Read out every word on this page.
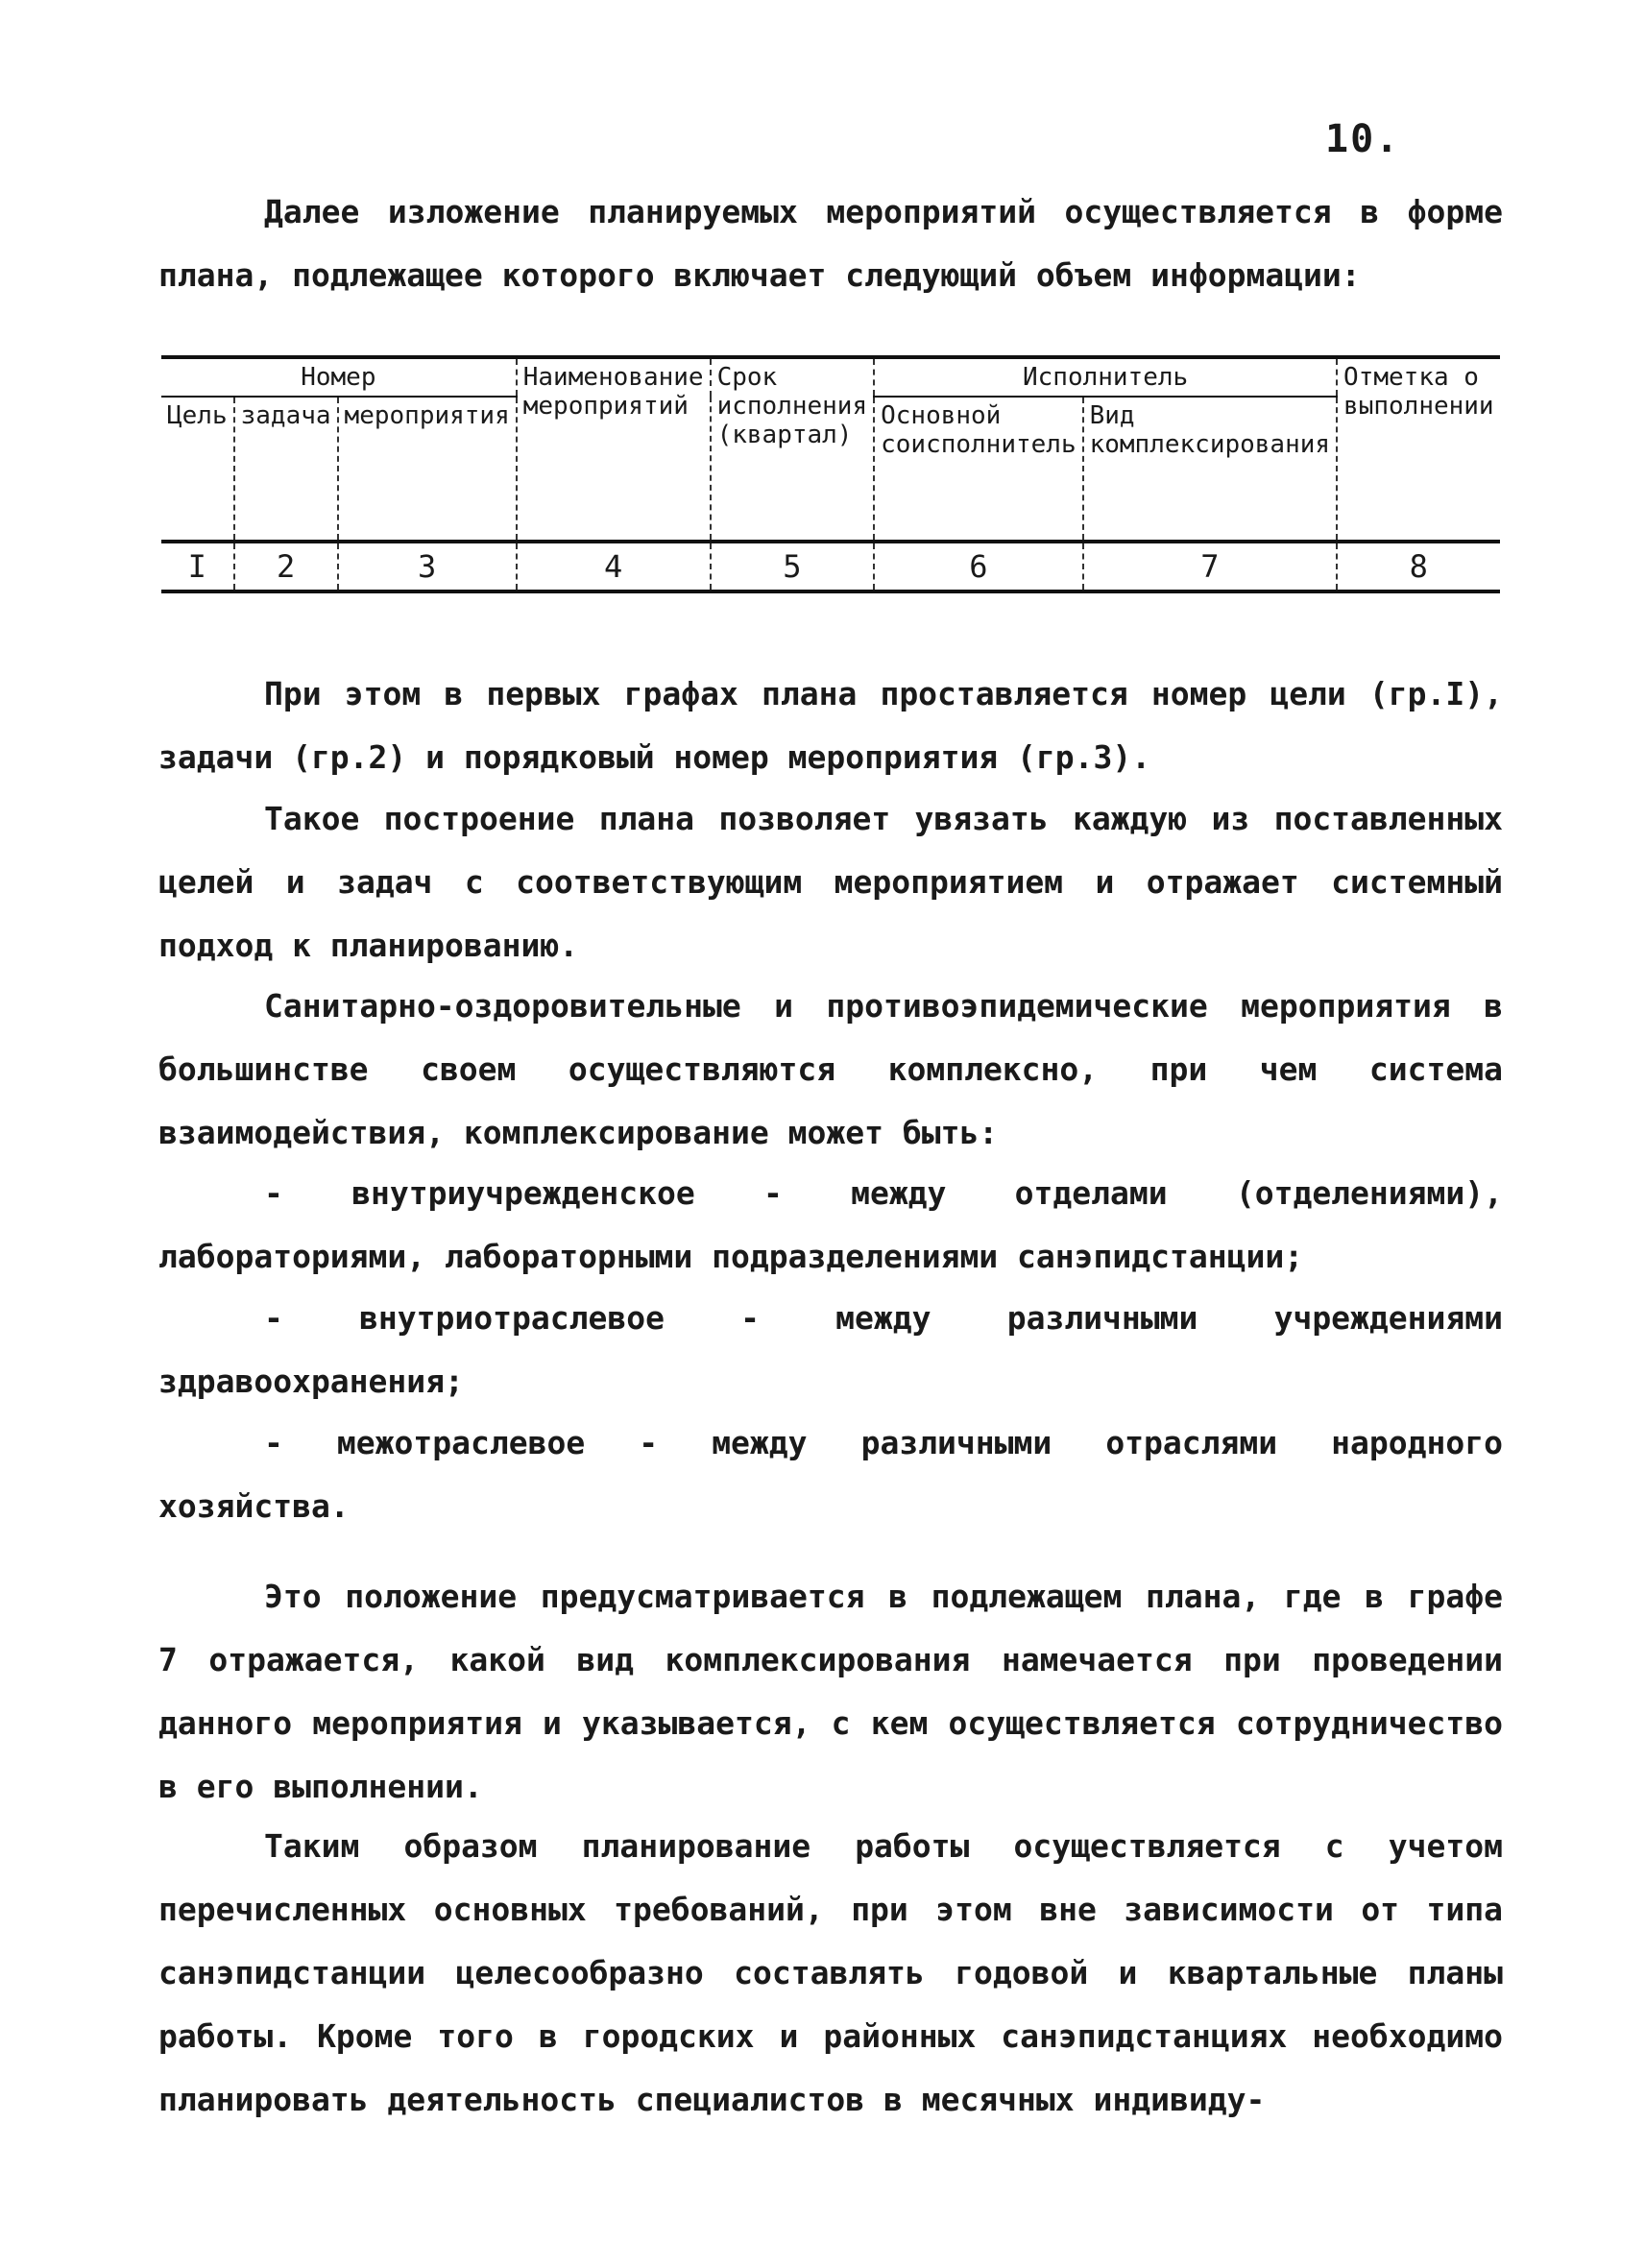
10.

Далее изложение планируемых мероприятий осуществляется в форме плана, подлежащее которого включает следующий объем информации:

Номер			Наименование мероприятий	Срок исполнения (квартал)	Исполнитель		Отметка о выполнении
Цель	задача	мероприятия			Основной соисполнитель	Вид комплексирования	
I	2	3	4	5	6	7	8

При этом в первых графах плана проставляется номер цели (гр.I), задачи (гр.2) и порядковый номер мероприятия (гр.3).

Такое построение плана позволяет увязать каждую из поставленных целей и задач с соответствующим мероприятием и отражает системный подход к планированию.

Санитарно-оздоровительные и противоэпидемические мероприятия в большинстве своем осуществляются комплексно, при чем система взаимодействия, комплексирование может быть:

- внутриучрежденское - между отделами (отделениями), лабораториями, лабораторными подразделениями санэпидстанции;

- внутриотраслевое - между различными учреждениями здравоохранения;

- межотраслевое - между различными отраслями народного хозяйства.

Это положение предусматривается в подлежащем плана, где в графе 7 отражается, какой вид комплексирования намечается при проведении данного мероприятия и указывается, с кем осуществляется сотрудничество в его выполнении.

Таким образом планирование работы осуществляется с учетом перечисленных основных требований, при этом вне зависимости от типа санэпидстанции целесообразно составлять годовой и квартальные планы работы. Кроме того в городских и районных санэпидстанциях необходимо планировать деятельность специалистов в месячных индивиду-
